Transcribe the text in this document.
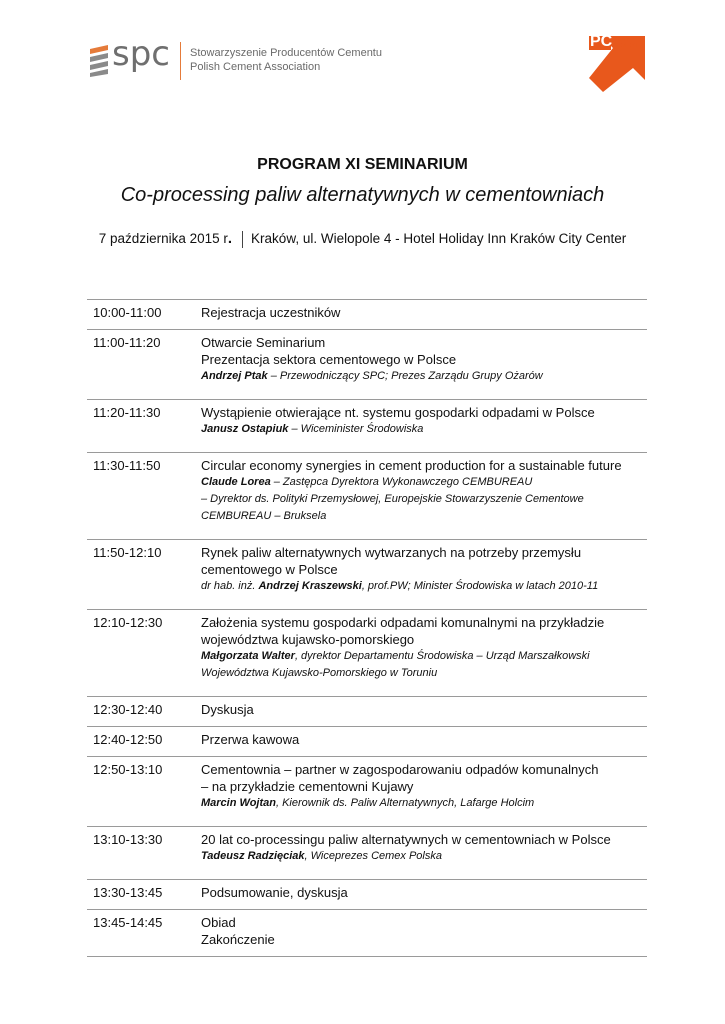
spc Stowarzyszenie Producentów Cementu
Polish Cement Association
PC PEWNY
CEMENT
PROGRAM XI SEMINARIUM
Co-processing paliw alternatywnych w cementowniach
7 października 2015 r. Kraków, ul. Wielopole 4 - Hotel Holiday Inn Kraków City Center
10:00-11:00	Rejestracja uczestników
11:00-11:20	Otwarcie Seminarium
Prezentacja sektora cementowego w Polsce
Andrzej Ptak – Przewodniczący SPC; Prezes Zarządu Grupy Ożarów
11:20-11:30	Wystąpienie otwierające nt. systemu gospodarki odpadami w Polsce
Janusz Ostapiuk – Wiceminister Środowiska
11:30-11:50	Circular economy synergies in cement production for a sustainable future
Claude Lorea – Zastępca Dyrektora Wykonawczego CEMBUREAU
– Dyrektor ds. Polityki Przemysłowej, Europejskie Stowarzyszenie Cementowe
CEMBUREAU – Bruksela
11:50-12:10	Rynek paliw alternatywnych wytwarzanych na potrzeby przemysłu
cementowego w Polsce
dr hab. inż. Andrzej Kraszewski, prof.PW; Minister Środowiska w latach 2010-11
12:10-12:30	Założenia systemu gospodarki odpadami komunalnymi na przykładzie
województwa kujawsko-pomorskiego
Małgorzata Walter, dyrektor Departamentu Środowiska – Urząd Marszałkowski
Województwa Kujawsko-Pomorskiego w Toruniu
12:30-12:40	Dyskusja
12:40-12:50	Przerwa kawowa
12:50-13:10	Cementownia – partner w zagospodarowaniu odpadów komunalnych
– na przykładzie cementowni Kujawy
Marcin Wojtan, Kierownik ds. Paliw Alternatywnych, Lafarge Holcim
13:10-13:30	20 lat co-processingu paliw alternatywnych w cementowniach w Polsce
Tadeusz Radzięciak, Wiceprezes Cemex Polska
13:30-13:45	Podsumowanie, dyskusja
13:45-14:45	Obiad
Zakończenie
